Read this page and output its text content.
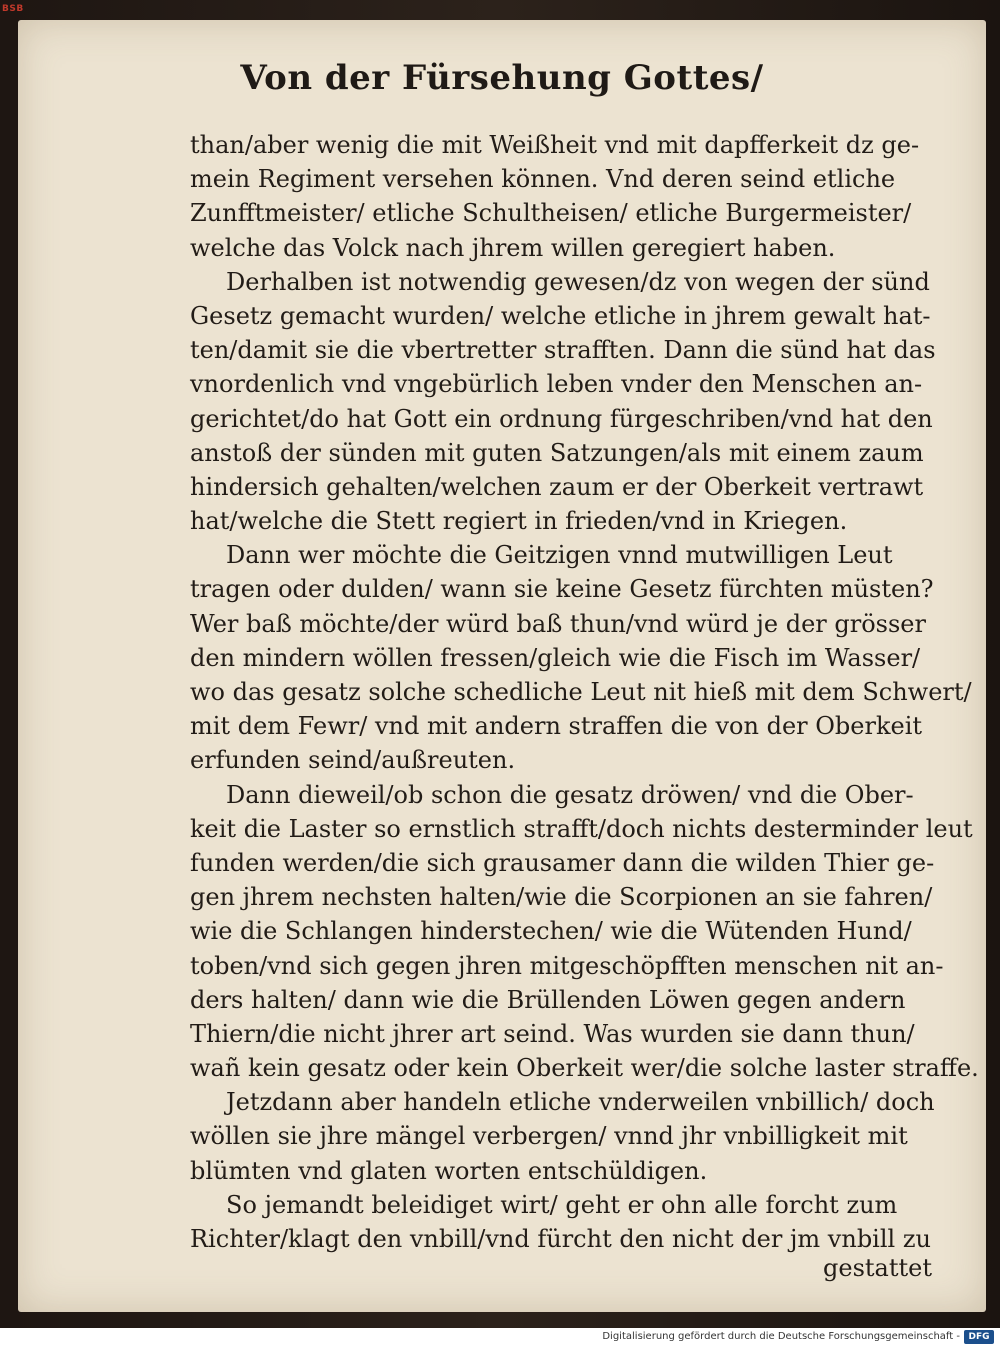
BSB
Von der Fürsehung Gottes/
than/aber wenig die mit Weißheit vnd mit dapfferkeit dz ge-
mein Regiment versehen können. Vnd deren seind etliche
Zunfftmeister/ etliche Schultheisen/ etliche Burgermeister/
welche das Volck nach jhrem willen geregiert haben.
Derhalben ist notwendig gewesen/dz von wegen der sünd
Gesetz gemacht wurden/ welche etliche in jhrem gewalt hat-
ten/damit sie die vbertretter strafften. Dann die sünd hat das
vnordenlich vnd vngebürlich leben vnder den Menschen an-
gerichtet/do hat Gott ein ordnung fürgeschriben/vnd hat den
anstoß der sünden mit guten Satzungen/als mit einem zaum
hindersich gehalten/welchen zaum er der Oberkeit vertrawt
hat/welche die Stett regiert in frieden/vnd in Kriegen.
Dann wer möchte die Geitzigen vnnd mutwilligen Leut
tragen oder dulden/ wann sie keine Gesetz fürchten müsten?
Wer baß möchte/der würd baß thun/vnd würd je der grösser
den mindern wöllen fressen/gleich wie die Fisch im Wasser/
wo das gesatz solche schedliche Leut nit hieß mit dem Schwert/
mit dem Fewr/ vnd mit andern straffen die von der Oberkeit
erfunden seind/außreuten.
Dann dieweil/ob schon die gesatz dröwen/ vnd die Ober-
keit die Laster so ernstlich strafft/doch nichts desterminder leut
funden werden/die sich grausamer dann die wilden Thier ge-
gen jhrem nechsten halten/wie die Scorpionen an sie fahren/
wie die Schlangen hinderstechen/ wie die Wütenden Hund/
toben/vnd sich gegen jhren mitgeschöpfften menschen nit an-
ders halten/ dann wie die Brüllenden Löwen gegen andern
Thiern/die nicht jhrer art seind. Was wurden sie dann thun/
wañ kein gesatz oder kein Oberkeit wer/die solche laster straffe.
Jetzdann aber handeln etliche vnderweilen vnbillich/ doch
wöllen sie jhre mängel verbergen/ vnnd jhr vnbilligkeit mit
blümten vnd glaten worten entschüldigen.
So jemandt beleidiget wirt/ geht er ohn alle forcht zum
Richter/klagt den vnbill/vnd fürcht den nicht der jm vnbill zu
gestattet
Digitalisierung gefördert durch die Deutsche Forschungsgemeinschaft - DFG
